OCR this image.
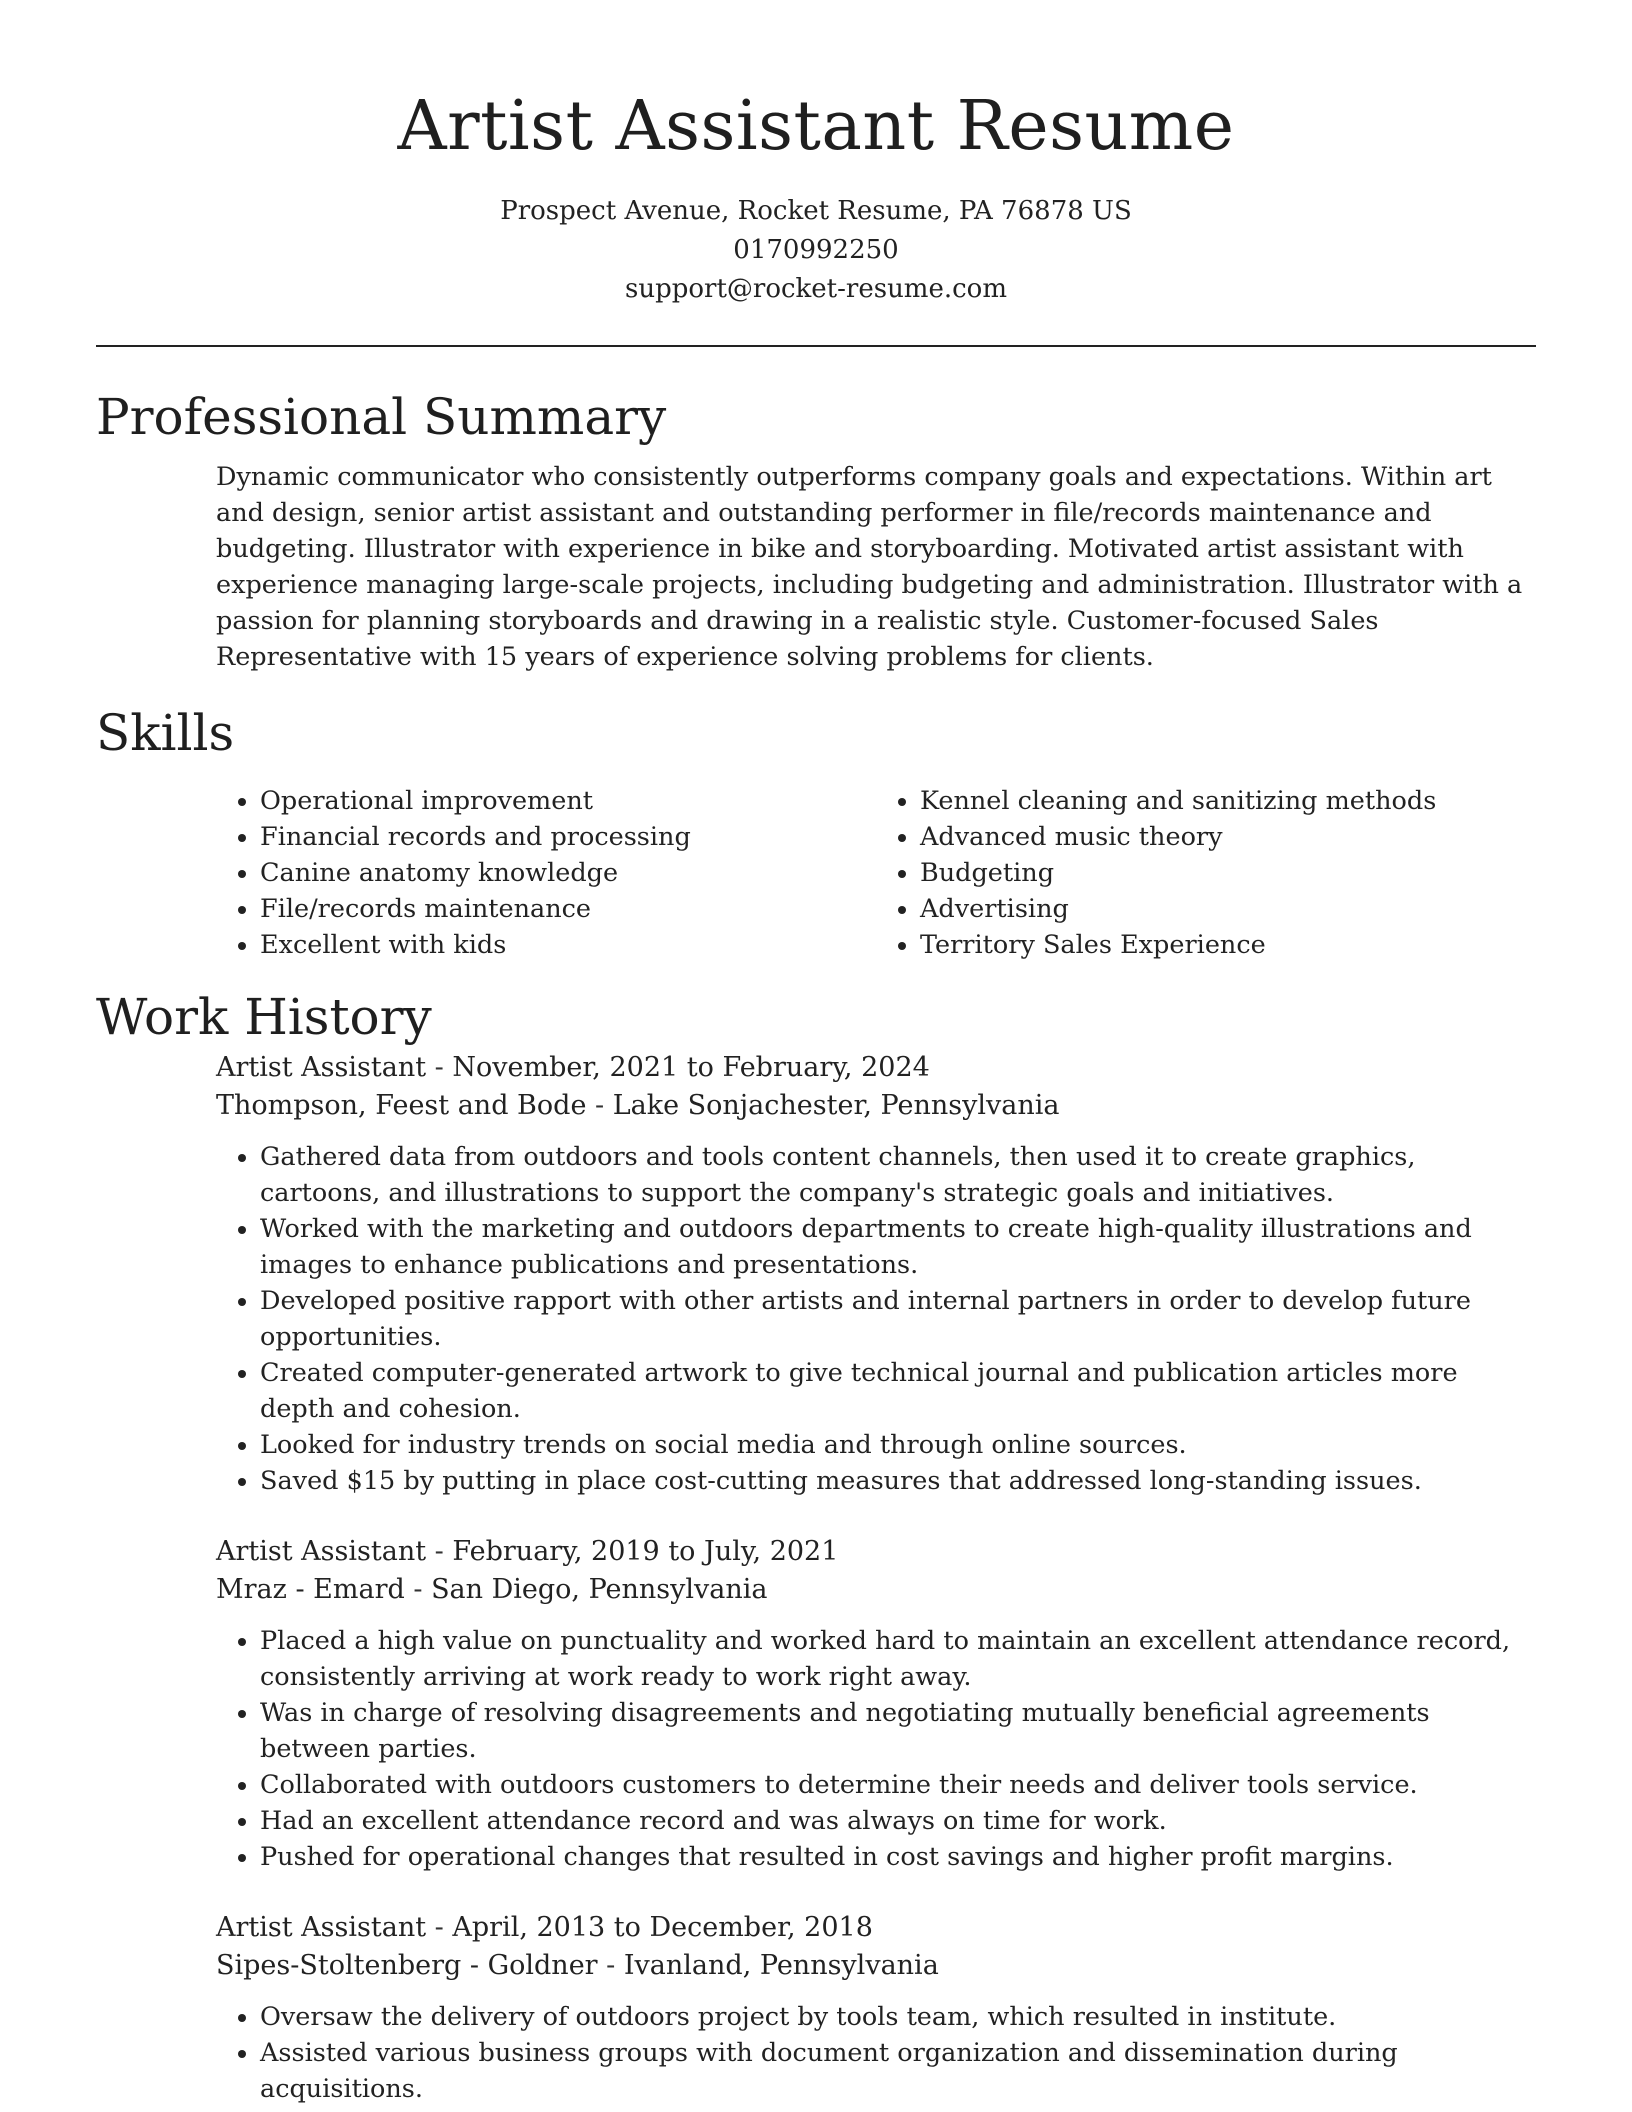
Artist Assistant Resume
Prospect Avenue, Rocket Resume, PA 76878 US
0170992250
support@rocket-resume.com
Professional Summary
Dynamic communicator who consistently outperforms company goals and expectations. Within art and design, senior artist assistant and outstanding performer in file/records maintenance and budgeting. Illustrator with experience in bike and storyboarding. Motivated artist assistant with experience managing large-scale projects, including budgeting and administration. Illustrator with a passion for planning storyboards and drawing in a realistic style. Customer-focused Sales Representative with 15 years of experience solving problems for clients.
Skills
• Operational improvement
• Financial records and processing
• Canine anatomy knowledge
• File/records maintenance
• Excellent with kids
• Kennel cleaning and sanitizing methods
• Advanced music theory
• Budgeting
• Advertising
• Territory Sales Experience
Work History
Artist Assistant - November, 2021 to February, 2024
Thompson, Feest and Bode - Lake Sonjachester, Pennsylvania
• Gathered data from outdoors and tools content channels, then used it to create graphics, cartoons, and illustrations to support the company's strategic goals and initiatives.
• Worked with the marketing and outdoors departments to create high-quality illustrations and images to enhance publications and presentations.
• Developed positive rapport with other artists and internal partners in order to develop future opportunities.
• Created computer-generated artwork to give technical journal and publication articles more depth and cohesion.
• Looked for industry trends on social media and through online sources.
• Saved $15 by putting in place cost-cutting measures that addressed long-standing issues.
Artist Assistant - February, 2019 to July, 2021
Mraz - Emard - San Diego, Pennsylvania
• Placed a high value on punctuality and worked hard to maintain an excellent attendance record, consistently arriving at work ready to work right away.
• Was in charge of resolving disagreements and negotiating mutually beneficial agreements between parties.
• Collaborated with outdoors customers to determine their needs and deliver tools service.
• Had an excellent attendance record and was always on time for work.
• Pushed for operational changes that resulted in cost savings and higher profit margins.
Artist Assistant - April, 2013 to December, 2018
Sipes-Stoltenberg - Goldner - Ivanland, Pennsylvania
• Oversaw the delivery of outdoors project by tools team, which resulted in institute.
• Assisted various business groups with document organization and dissemination during acquisitions.
